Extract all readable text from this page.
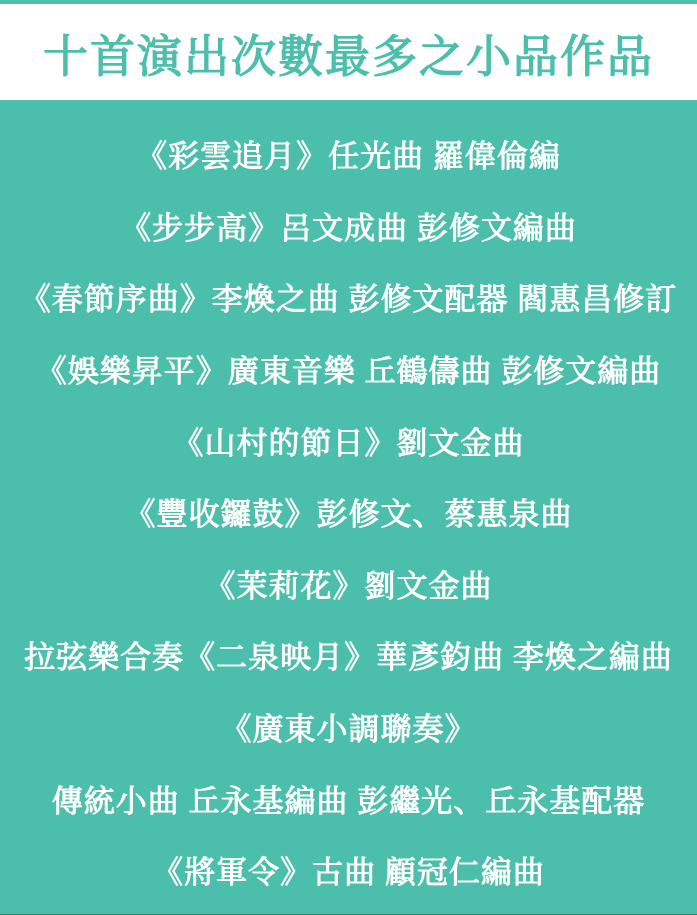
十首演出次數最多之小品作品
《彩雲追月》任光曲 羅偉倫編
《步步高》呂文成曲 彭修文編曲
《春節序曲》李煥之曲 彭修文配器 閻惠昌修訂
《娛樂昇平》廣東音樂 丘鶴儔曲 彭修文編曲
《山村的節日》劉文金曲
《豐收鑼鼓》彭修文、蔡惠泉曲
《茉莉花》劉文金曲
拉弦樂合奏《二泉映月》華彥鈞曲 李煥之編曲
《廣東小調聯奏》
傳統小曲 丘永基編曲 彭繼光、丘永基配器
《將軍令》古曲 顧冠仁編曲
